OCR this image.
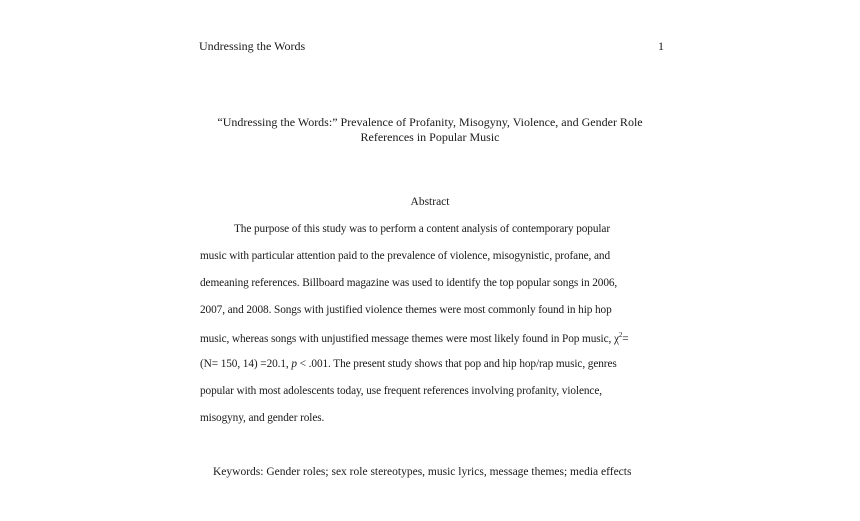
Undressing the Words	1
“Undressing the Words:” Prevalence of Profanity, Misogyny, Violence, and Gender Role
References in Popular Music
Abstract
The purpose of this study was to perform a content analysis of contemporary popular
music with particular attention paid to the prevalence of violence, misogynistic, profane, and
demeaning references. Billboard magazine was used to identify the top popular songs in 2006,
2007, and 2008. Songs with justified violence themes were most commonly found in hip hop
music, whereas songs with unjustified message themes were most likely found in Pop music, $\chi^2=$
(N= 150, 14) =20.1, p < .001. The present study shows that pop and hip hop/rap music, genres
popular with most adolescents today, use frequent references involving profanity, violence,
misogyny, and gender roles.
Keywords: Gender roles; sex role stereotypes, music lyrics, message themes; media effects
